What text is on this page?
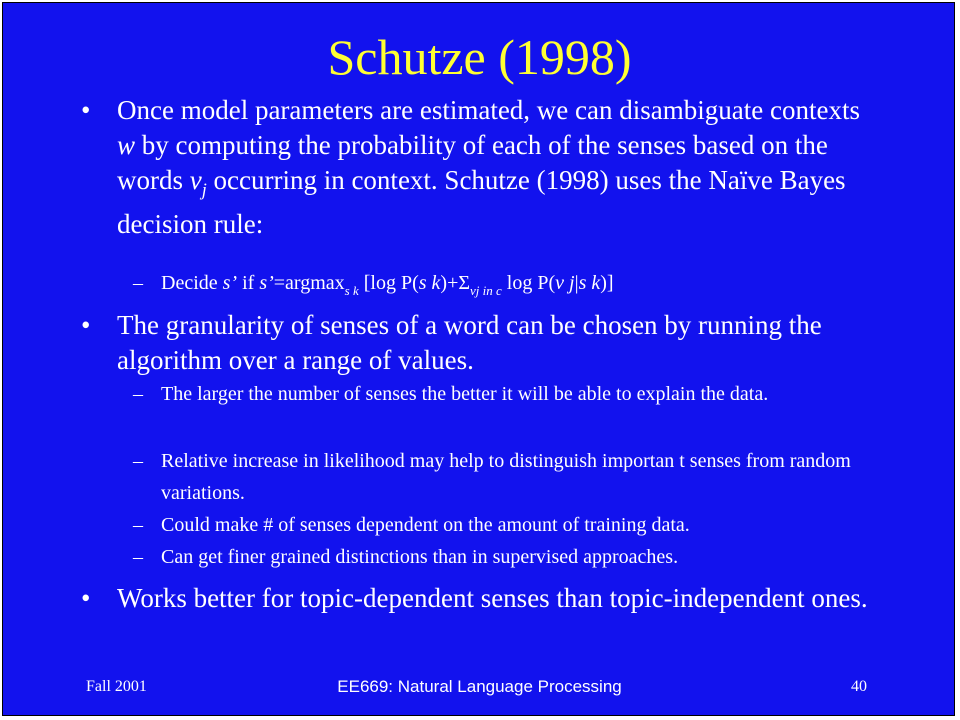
Schutze (1998)
• Once model parameters are estimated, we can disambiguate contexts w by computing the probability of each of the senses based on the words $v_j$ occurring in context. Schutze (1998) uses the Naïve Bayes decision rule:
– Decide s’ if s’=argmax$_{s k}$ [log P(s $k)+\Sigma_{vj in c}$ log P(v j|s k)]
• The granularity of senses of a word can be chosen by running the algorithm over a range of values.
– The larger the number of senses the better it will be able to explain the data.
– Relative increase in likelihood may help to distinguish importan t senses from random variations.
– Could make # of senses dependent on the amount of training data.
– Can get finer grained distinctions than in supervised approaches.
• Works better for topic-dependent senses than topic-independent ones.
Fall 2001	EE669: Natural Language Processing	40
